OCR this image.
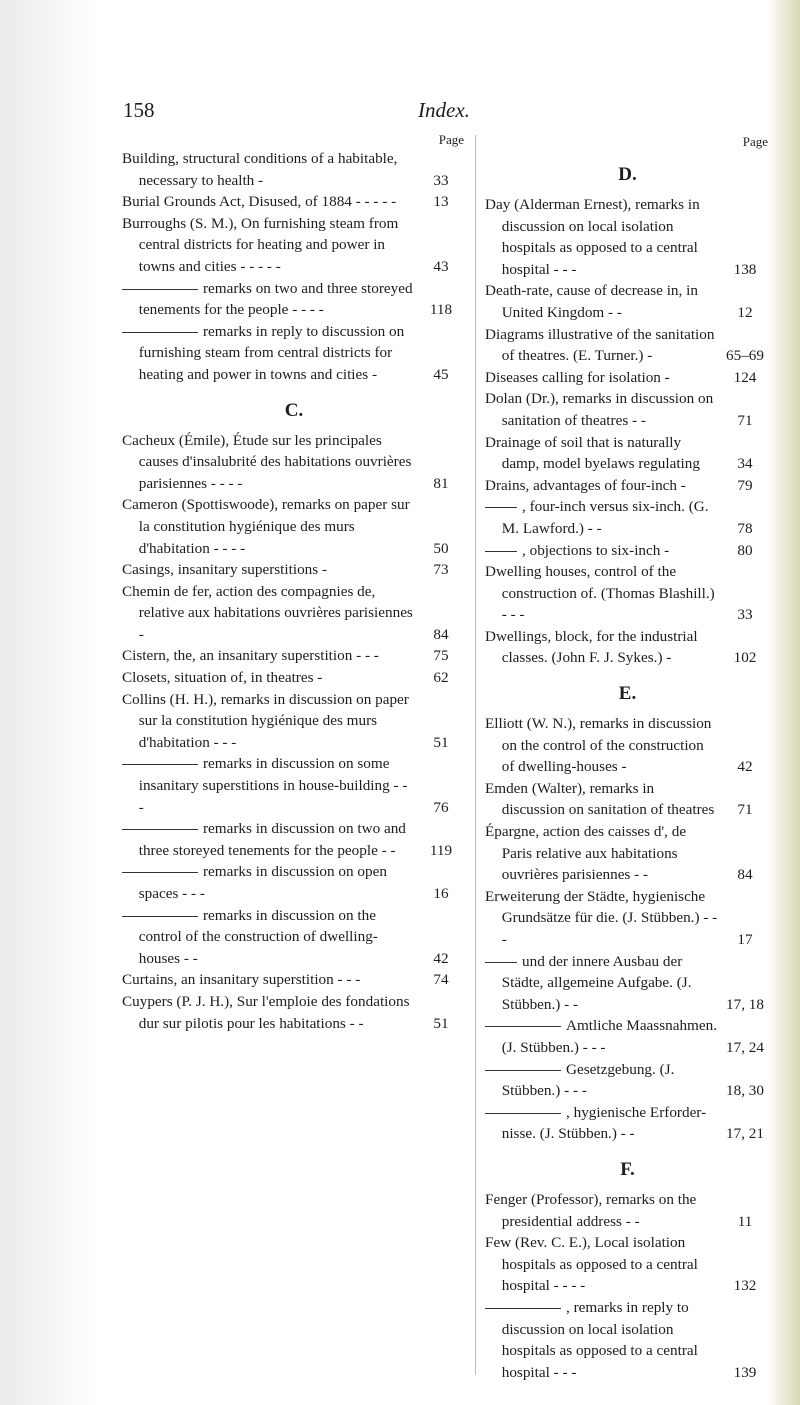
158	Index.
Page
Building, structural conditions of a habitable, necessary to health -	33
Burial Grounds Act, Disused, of 1884 - - - - -	13
Burroughs (S. M.), On furnishing steam from central districts for heating and power in towns and cities - - - - -	43
remarks on two and three storeyed tenements for the people - - - -	118
remarks in reply to discussion on furnishing steam from central districts for heating and power in towns and cities -	45
C.
Cacheux (Émile), Étude sur les principales causes d'insalubrité des habitations ouvrières parisiennes - - - -	81
Cameron (Spottiswoode), remarks on paper sur la constitution hygiénique des murs d'habitation - - - -	50
Casings, insanitary superstitions -	73
Chemin de fer, action des compagnies de, relative aux habitations ouvrières parisiennes -	84
Cistern, the, an insanitary superstition - - -	75
Closets, situation of, in theatres -	62
Collins (H. H.), remarks in discussion on paper sur la constitution hygiénique des murs d'habitation - - -	51
remarks in discussion on some insanitary superstitions in house-building - - -	76
remarks in discussion on two and three storeyed tenements for the people - -	119
remarks in discussion on open spaces - - -	16
remarks in discussion on the control of the construction of dwelling-houses - -	42
Curtains, an insanitary superstition - - -	74
Cuypers (P. J. H.), Sur l'emploie des fondations dur sur pilotis pour les habitations - -	51
Page
D.
Day (Alderman Ernest), remarks in discussion on local isolation hospitals as opposed to a central hospital - - -	138
Death-rate, cause of decrease in, in United Kingdom - -	12
Diagrams illustrative of the sanitation of theatres. (E. Turner.) -	65–69
Diseases calling for isolation -	124
Dolan (Dr.), remarks in discussion on sanitation of theatres - -	71
Drainage of soil that is naturally damp, model byelaws regulating	34
Drains, advantages of four-inch -	79
, four-inch versus six-inch. (G. M. Lawford.) - -	78
, objections to six-inch -	80
Dwelling houses, control of the construction of. (Thomas Blashill.) - - -	33
Dwellings, block, for the industrial classes. (John F. J. Sykes.) -	102
E.
Elliott (W. N.), remarks in discussion on the control of the construction of dwelling-houses -	42
Emden (Walter), remarks in discussion on sanitation of theatres	71
Épargne, action des caisses d', de Paris relative aux habitations ouvrières parisiennes - -	84
Erweiterung der Städte, hygienische Grundsätze für die. (J. Stübben.) - - -	17
und der innere Ausbau der Städte, allgemeine Aufgabe. (J. Stübben.) - -	17, 18
Amtliche Maassnahmen. (J. Stübben.) - - -	17, 24
Gesetzgebung. (J. Stübben.) - - -	18, 30
, hygienische Erforder-nisse. (J. Stübben.) - -	17, 21
F.
Fenger (Professor), remarks on the presidential address - -	11
Few (Rev. C. E.), Local isolation hospitals as opposed to a central hospital - - - -	132
, remarks in reply to discussion on local isolation hospitals as opposed to a central hospital - - -	139
